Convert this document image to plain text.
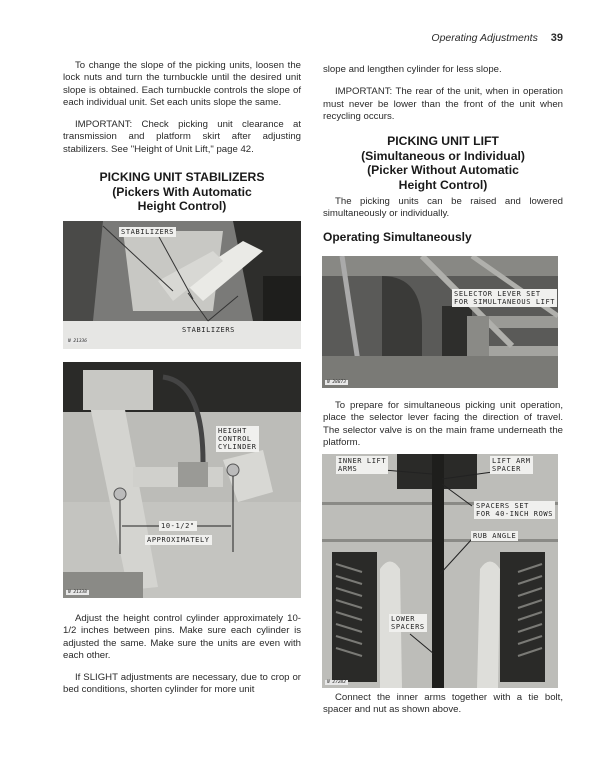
Operating Adjustments 39

To change the slope of the picking units, loosen the lock nuts and turn the turnbuckle until the desired unit slope is obtained. Each turnbuckle controls the slope of each individual unit. Set each units slope the same.

IMPORTANT: Check picking unit clearance at transmission and platform skirt after adjusting stabilizers. See "Height of Unit Lift," page 42.

PICKING UNIT STABILIZERS
(Pickers With Automatic
Height Control)
STABILIZERS
STABILIZERS
N 21336
HEIGHT
CONTROL
CYLINDER
10-1/2"
APPROXIMATELY
N 21338

Adjust the height control cylinder approximately 10-1/2 inches between pins. Make sure each cylinder is adjusted the same. Make sure the units are even with each other.

If SLIGHT adjustments are necessary, due to crop or bed conditions, shorten cylinder for more unit

slope and lengthen cylinder for less slope.

IMPORTANT: The rear of the unit, when in operation must never be lower than the front of the unit when recycling occurs.

PICKING UNIT LIFT
(Simultaneous or Individual)
(Picker Without Automatic
Height Control)

The picking units can be raised and lowered simultaneously or individually.

Operating Simultaneously
SELECTOR LEVER SET
FOR SIMULTANEOUS LIFT
N 28873

To prepare for simultaneous picking unit operation, place the selector lever facing the direction of travel. The selector valve is on the main frame underneath the platform.

INNER LIFT
ARMS
LIFT ARM
SPACER
SPACERS SET
FOR 40-INCH ROWS
RUB ANGLE
LOWER
SPACERS
N 27282

Connect the inner arms together with a tie bolt, spacer and nut as shown above.
